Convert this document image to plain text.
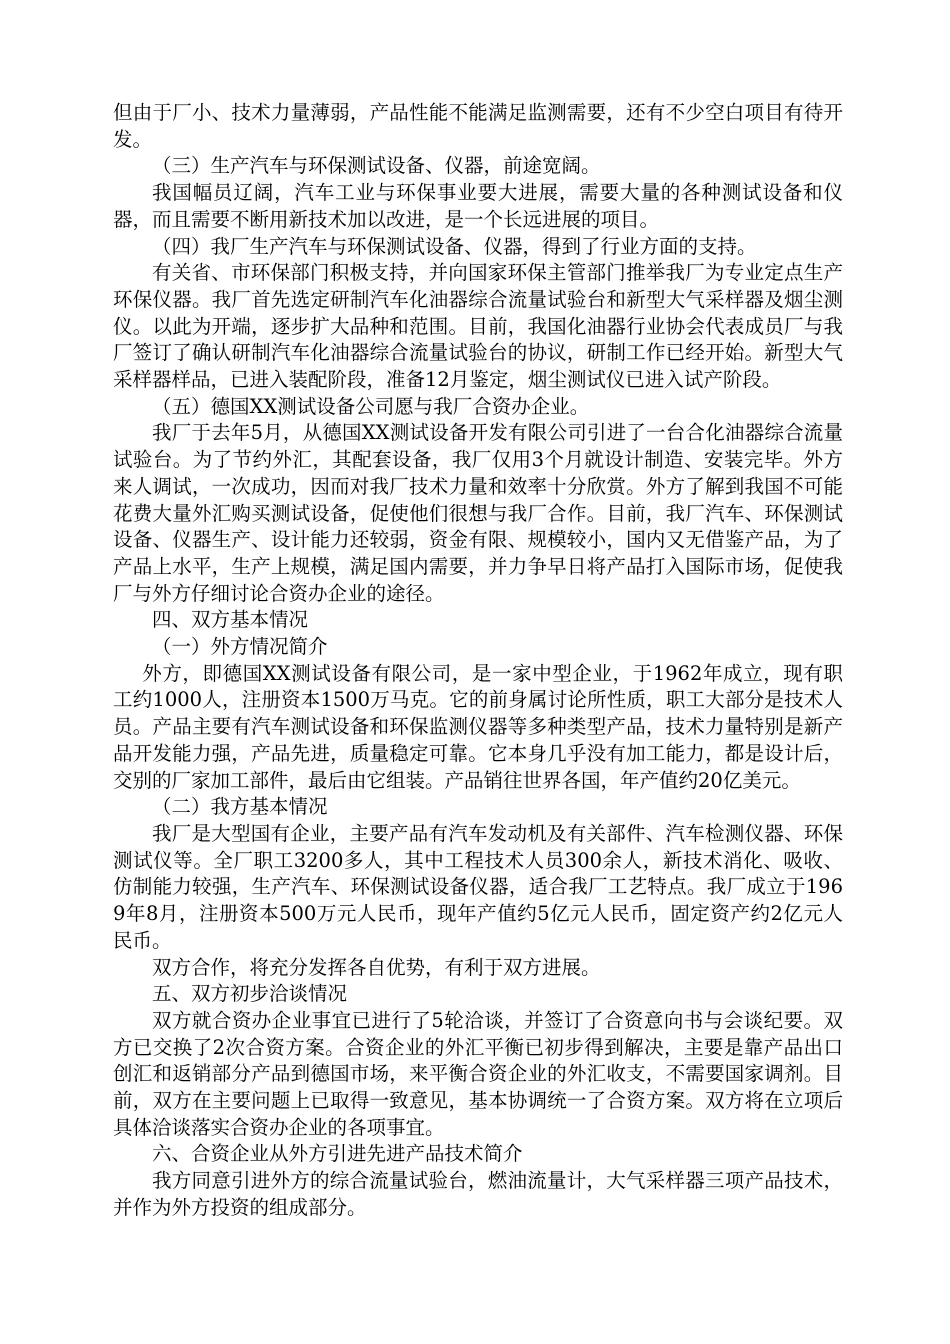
但由于厂小、技术力量薄弱，产品性能不能满足监测需要，还有不少空白项目有待开发。

（三）生产汽车与环保测试设备、仪器，前途宽阔。

我国幅员辽阔，汽车工业与环保事业要大进展，需要大量的各种测试设备和仪器，而且需要不断用新技术加以改进，是一个长远进展的项目。

（四）我厂生产汽车与环保测试设备、仪器，得到了行业方面的支持。

有关省、市环保部门积极支持，并向国家环保主管部门推举我厂为专业定点生产环保仪器。我厂首先选定研制汽车化油器综合流量试验台和新型大气采样器及烟尘测仪。以此为开端，逐步扩大品种和范围。目前，我国化油器行业协会代表成员厂与我厂签订了确认研制汽车化油器综合流量试验台的协议，研制工作已经开始。新型大气采样器样品，已进入装配阶段，准备12月鉴定，烟尘测试仪已进入试产阶段。

（五）德国XX测试设备公司愿与我厂合资办企业。

我厂于去年5月，从德国XX测试设备开发有限公司引进了一台合化油器综合流量试验台。为了节约外汇，其配套设备，我厂仅用3个月就设计制造、安装完毕。外方来人调试，一次成功，因而对我厂技术力量和效率十分欣赏。外方了解到我国不可能花费大量外汇购买测试设备，促使他们很想与我厂合作。目前，我厂汽车、环保测试设备、仪器生产、设计能力还较弱，资金有限、规模较小，国内又无借鉴产品，为了产品上水平，生产上规模，满足国内需要，并力争早日将产品打入国际市场，促使我厂与外方仔细讨论合资办企业的途径。

四、双方基本情况

（一）外方情况简介

外方，即德国XX测试设备有限公司，是一家中型企业，于1962年成立，现有职工约1000人，注册资本1500万马克。它的前身属讨论所性质，职工大部分是技术人员。产品主要有汽车测试设备和环保监测仪器等多种类型产品，技术力量特别是新产品开发能力强，产品先进，质量稳定可靠。它本身几乎没有加工能力，都是设计后，交别的厂家加工部件，最后由它组装。产品销往世界各国，年产值约20亿美元。

（二）我方基本情况

我厂是大型国有企业，主要产品有汽车发动机及有关部件、汽车检测仪器、环保测试仪等。全厂职工3200多人，其中工程技术人员300余人，新技术消化、吸收、仿制能力较强，生产汽车、环保测试设备仪器，适合我厂工艺特点。我厂成立于1969年8月，注册资本500万元人民币，现年产值约5亿元人民币，固定资产约2亿元人民币。

双方合作，将充分发挥各自优势，有利于双方进展。

五、双方初步洽谈情况

双方就合资办企业事宜已进行了5轮洽谈，并签订了合资意向书与会谈纪要。双方已交换了2次合资方案。合资企业的外汇平衡已初步得到解决，主要是靠产品出口创汇和返销部分产品到德国市场，来平衡合资企业的外汇收支，不需要国家调剂。目前，双方在主要问题上已取得一致意见，基本协调统一了合资方案。双方将在立项后具体洽谈落实合资办企业的各项事宜。

六、合资企业从外方引进先进产品技术简介

我方同意引进外方的综合流量试验台，燃油流量计，大气采样器三项产品技术，并作为外方投资的组成部分。
